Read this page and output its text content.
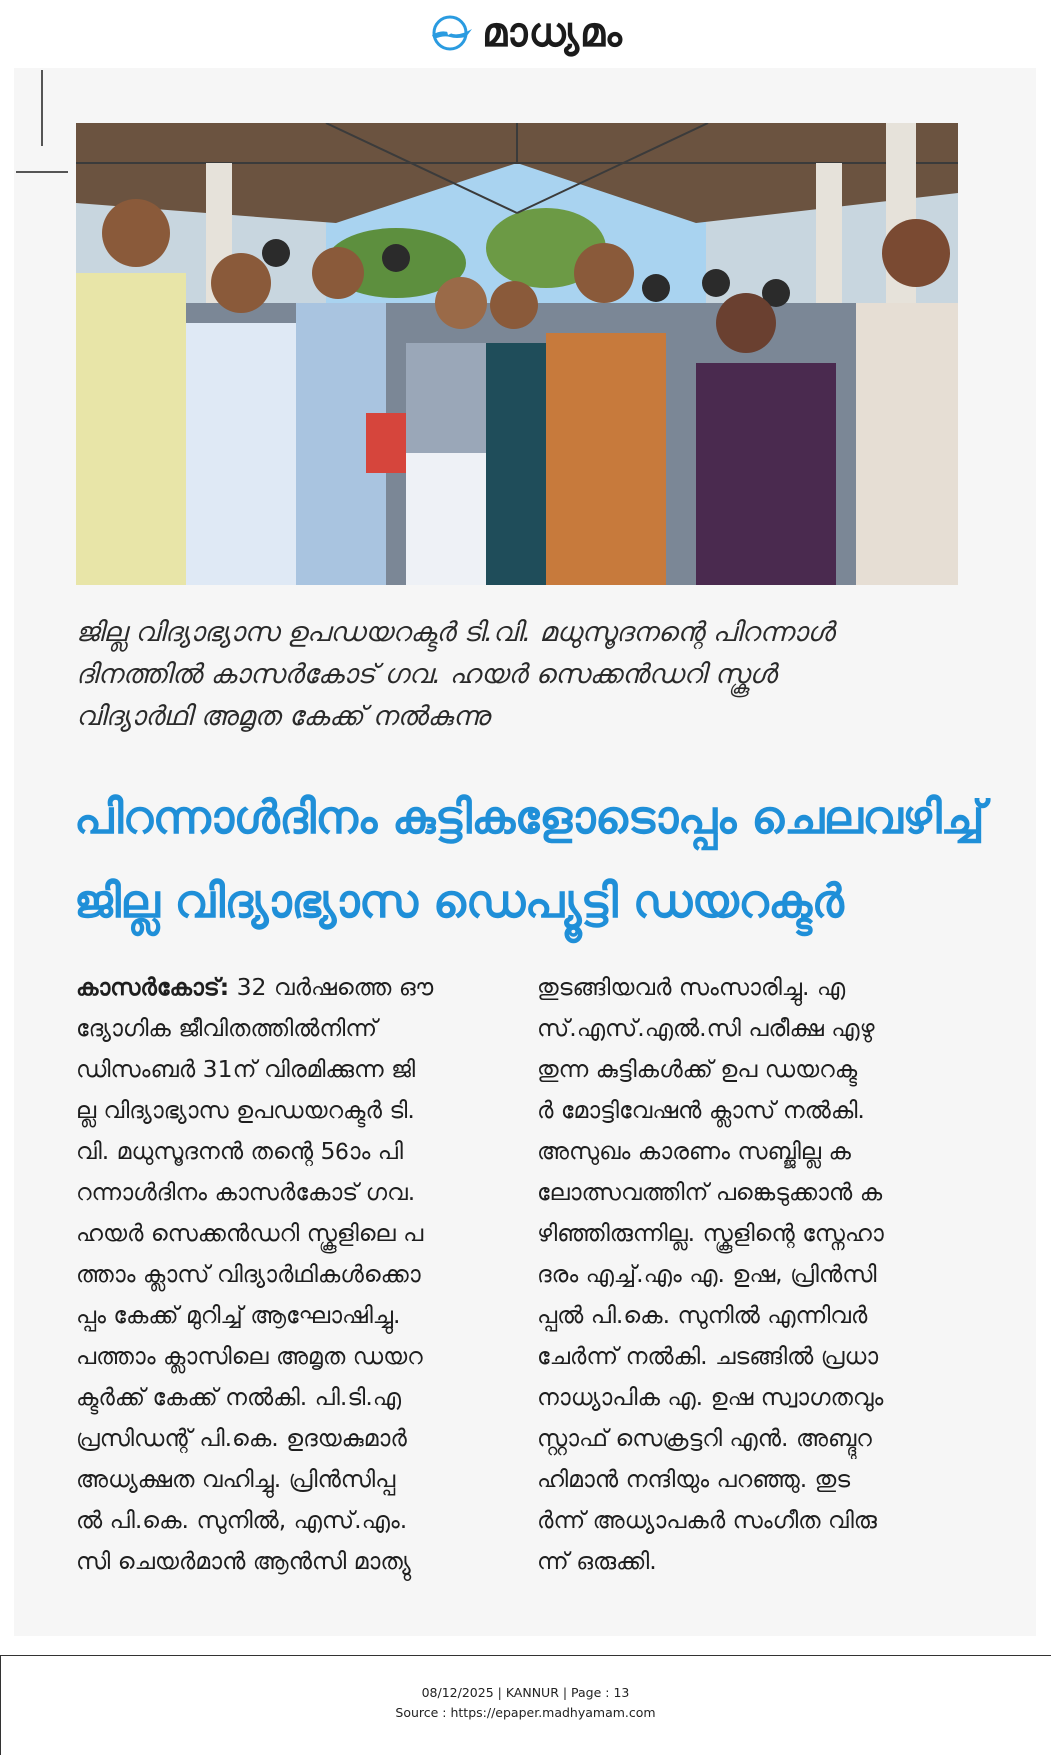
മാധ്യമം
ജില്ല വിദ്യാഭ്യാസ ഉപഡയറക്ടർ ടി.വി. മധുസൂദനന്റെ പിറന്നാൾ
ദിനത്തിൽ കാസർകോട് ഗവ. ഹയർ സെക്കൻഡറി സ്കൂൾ
വിദ്യാർഥി അമൃത കേക്ക് നൽകുന്നു
പിറന്നാൾദിനം കുട്ടികളോടൊപ്പം ചെലവഴിച്ച്
ജില്ല വിദ്യാഭ്യാസ ഡെപ്യൂട്ടി ഡയറക്ടർ
കാസർകോട്: 32 വർഷത്തെ ഔ
ദ്യോഗിക ജീവിതത്തിൽനിന്ന്
ഡിസംബർ 31ന് വിരമിക്കുന്ന ജി
ല്ല വിദ്യാഭ്യാസ ഉപഡയറക്ടർ ടി.
വി. മധുസൂദനൻ തന്റെ 56ാം പി
റന്നാൾദിനം കാസർകോട് ഗവ.
ഹയർ സെക്കൻഡറി സ്കൂളിലെ പ
ത്താം ക്ലാസ് വിദ്യാർഥികൾക്കൊ
പ്പം കേക്ക് മുറിച്ച് ആഘോഷിച്ചു.
പത്താം ക്ലാസിലെ അമൃത ഡയറ
ക്ടർക്ക് കേക്ക് നൽകി. പി.ടി.എ
പ്രസിഡന്റ് പി.കെ. ഉദയകുമാർ
അധ്യക്ഷത വഹിച്ചു. പ്രിൻസിപ്പ
ൽ പി.കെ. സുനിൽ, എസ്.എം.
സി ചെയർമാൻ ആൻസി മാത്യു
തുടങ്ങിയവർ സംസാരിച്ചു. എ
സ്.എസ്.എൽ.സി പരീക്ഷ എഴു
തുന്ന കുട്ടികൾക്ക് ഉപ ഡയറക്ട
ർ മോട്ടിവേഷൻ ക്ലാസ് നൽകി.
അസുഖം കാരണം സബ്ജില്ല ക
ലോത്സവത്തിന് പങ്കെടുക്കാൻ ക
ഴിഞ്ഞിരുന്നില്ല. സ്കൂളിന്റെ സ്നേഹാ
ദരം എച്ച്.എം എ. ഉഷ, പ്രിൻസി
പ്പൽ പി.കെ. സുനിൽ എന്നിവർ
ചേർന്ന് നൽകി. ചടങ്ങിൽ പ്രധാ
നാധ്യാപിക എ. ഉഷ സ്വാഗതവും
സ്റ്റാഫ് സെക്രട്ടറി എൻ. അബ്ദുറ
ഹിമാൻ നന്ദിയും പറഞ്ഞു. തുട
ർന്ന് അധ്യാപകർ സംഗീത വിരു
ന്ന് ഒരുക്കി.
08/12/2025 | KANNUR | Page : 13
Source : https://epaper.madhyamam.com
